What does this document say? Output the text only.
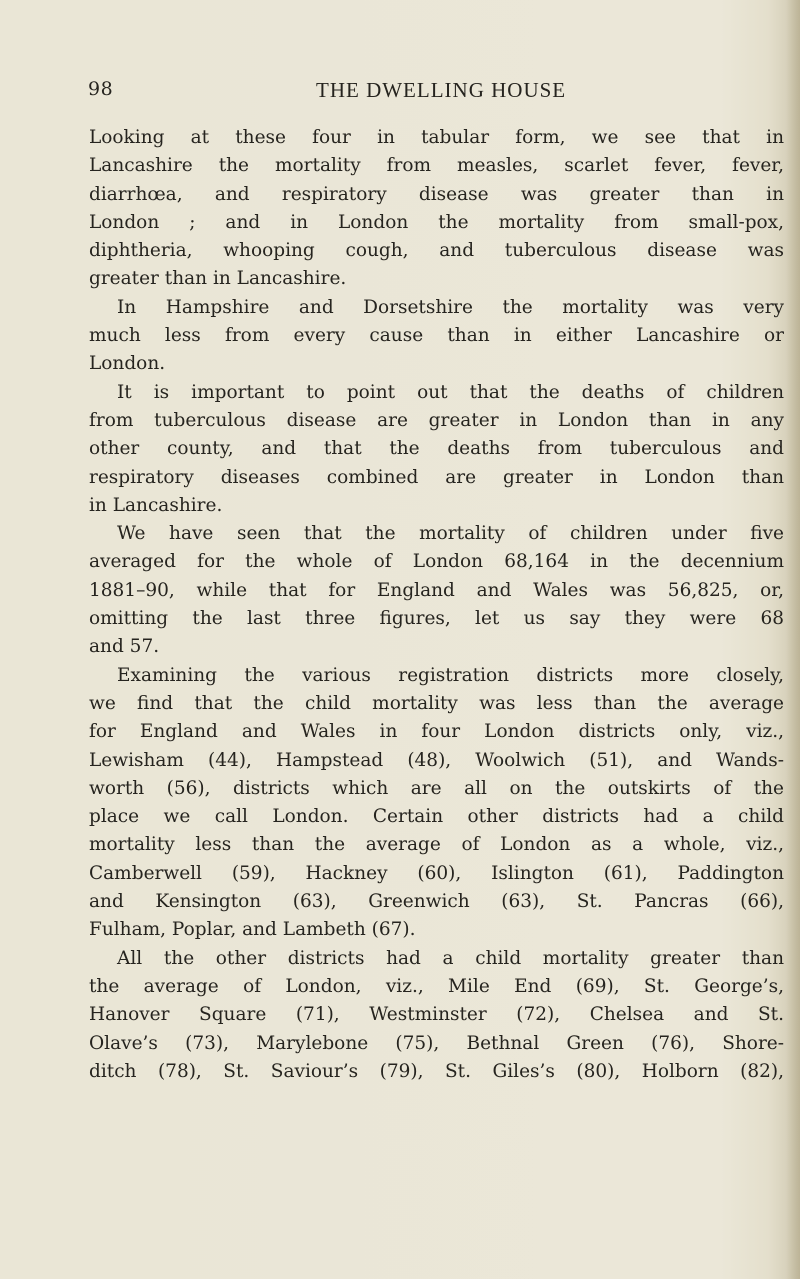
98	THE DWELLING HOUSE
Looking at these four in tabular form, we see that in
Lancashire the mortality from measles, scarlet fever, fever,
diarrhœa, and respiratory disease was greater than in
London ; and in London the mortality from small-pox,
diphtheria, whooping cough, and tuberculous disease was
greater than in Lancashire.
In Hampshire and Dorsetshire the mortality was very
much less from every cause than in either Lancashire or
London.
It is important to point out that the deaths of children
from tuberculous disease are greater in London than in any
other county, and that the deaths from tuberculous and
respiratory diseases combined are greater in London than
in Lancashire.
We have seen that the mortality of children under five
averaged for the whole of London 68,164 in the decennium
1881–90, while that for England and Wales was 56,825, or,
omitting the last three figures, let us say they were 68
and 57.
Examining the various registration districts more closely,
we find that the child mortality was less than the average
for England and Wales in four London districts only, viz.,
Lewisham (44), Hampstead (48), Woolwich (51), and Wands-
worth (56), districts which are all on the outskirts of the
place we call London. Certain other districts had a child
mortality less than the average of London as a whole, viz.,
Camberwell (59), Hackney (60), Islington (61), Paddington
and Kensington (63), Greenwich (63), St. Pancras (66),
Fulham, Poplar, and Lambeth (67).
All the other districts had a child mortality greater than
the average of London, viz., Mile End (69), St. George’s,
Hanover Square (71), Westminster (72), Chelsea and St.
Olave’s (73), Marylebone (75), Bethnal Green (76), Shore-
ditch (78), St. Saviour’s (79), St. Giles’s (80), Holborn (82),
